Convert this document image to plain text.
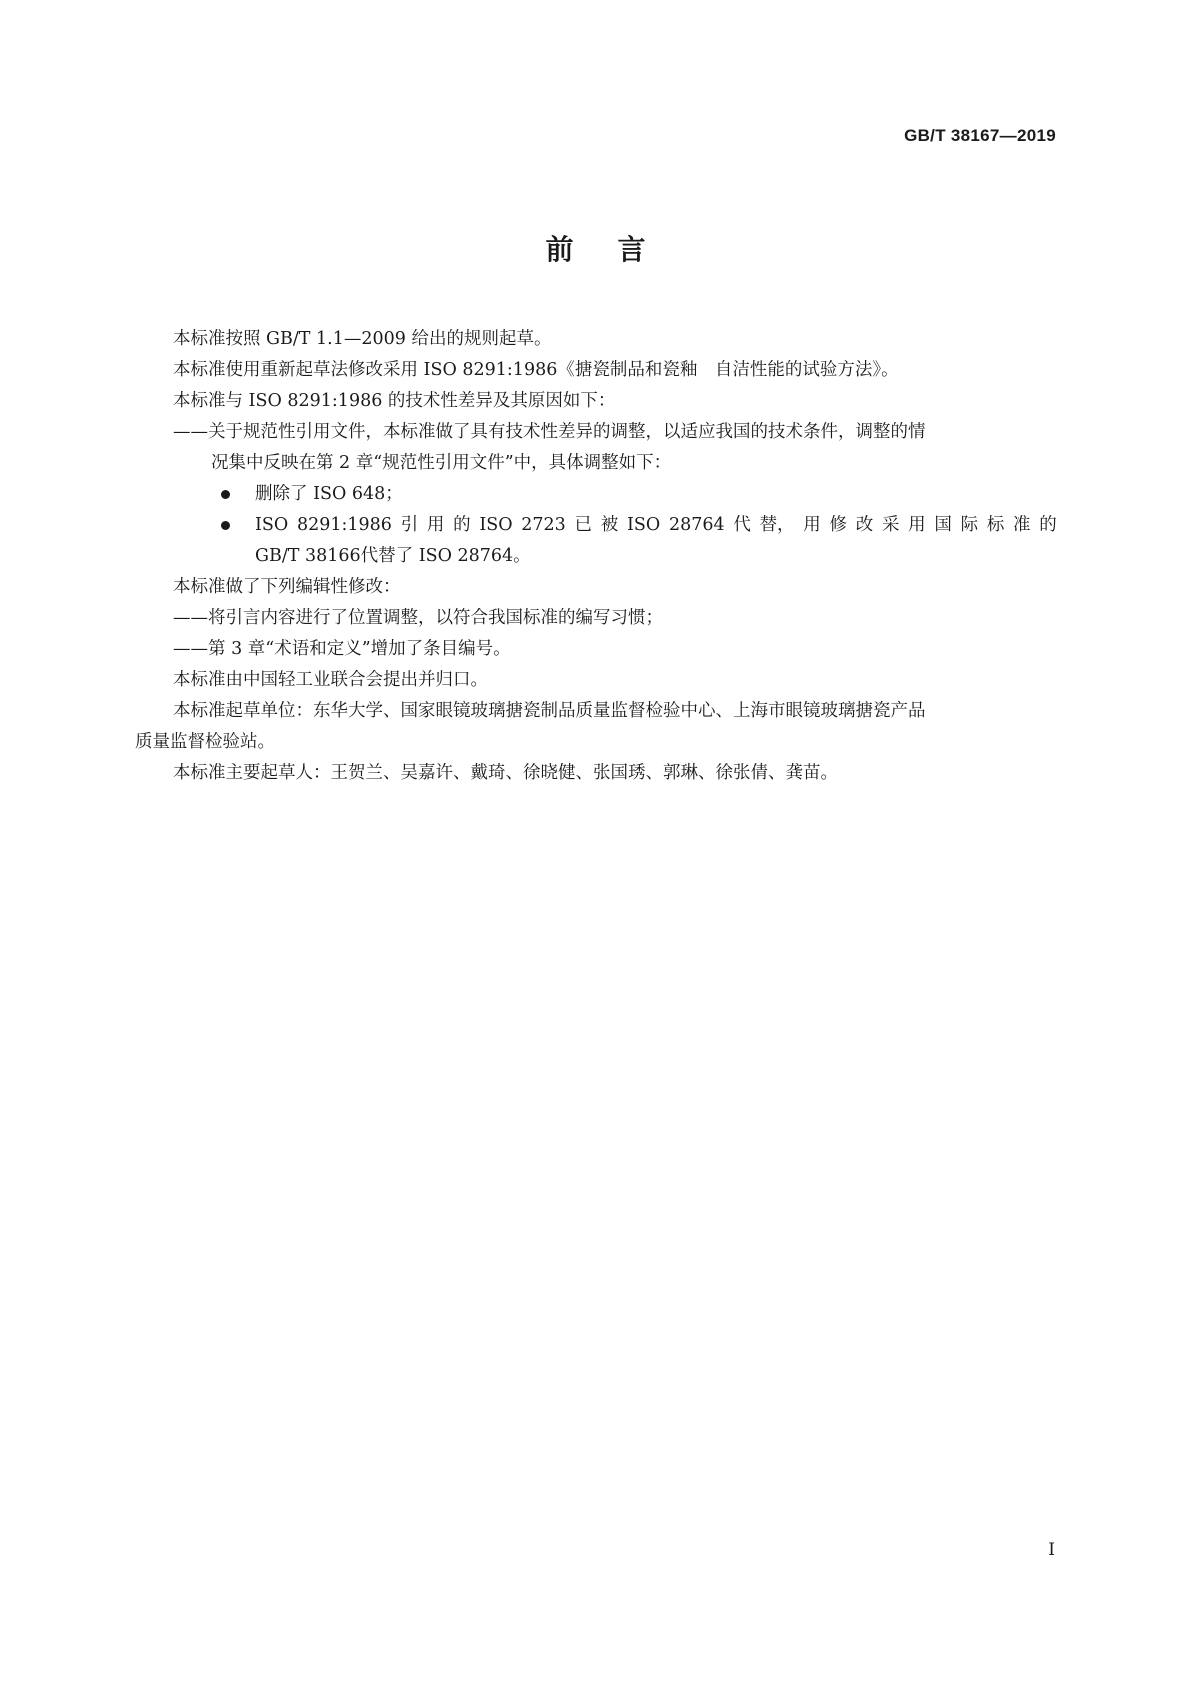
GB/T 38167—2019
前言
本标准按照 GB/T 1.1—2009 给出的规则起草。
本标准使用重新起草法修改采用 ISO 8291:1986《搪瓷制品和瓷釉　自洁性能的试验方法》。
本标准与 ISO 8291:1986 的技术性差异及其原因如下：
——关于规范性引用文件，本标准做了具有技术性差异的调整，以适应我国的技术条件，调整的情
况集中反映在第 2 章“规范性引用文件”中，具体调整如下：
删除了 ISO 648；
ISO 8291:1986 引 用 的 ISO 2723 已 被 ISO 28764 代 替， 用 修 改 采 用 国 际 标 准 的
GB/T 38166代替了 ISO 28764。
本标准做了下列编辑性修改：
——将引言内容进行了位置调整，以符合我国标准的编写习惯；
——第 3 章“术语和定义”增加了条目编号。
本标准由中国轻工业联合会提出并归口。
本标准起草单位：东华大学、国家眼镜玻璃搪瓷制品质量监督检验中心、上海市眼镜玻璃搪瓷产品
质量监督检验站。
本标准主要起草人：王贺兰、吴嘉许、戴琦、徐晓健、张国琇、郭琳、徐张倩、龚苗。
I
